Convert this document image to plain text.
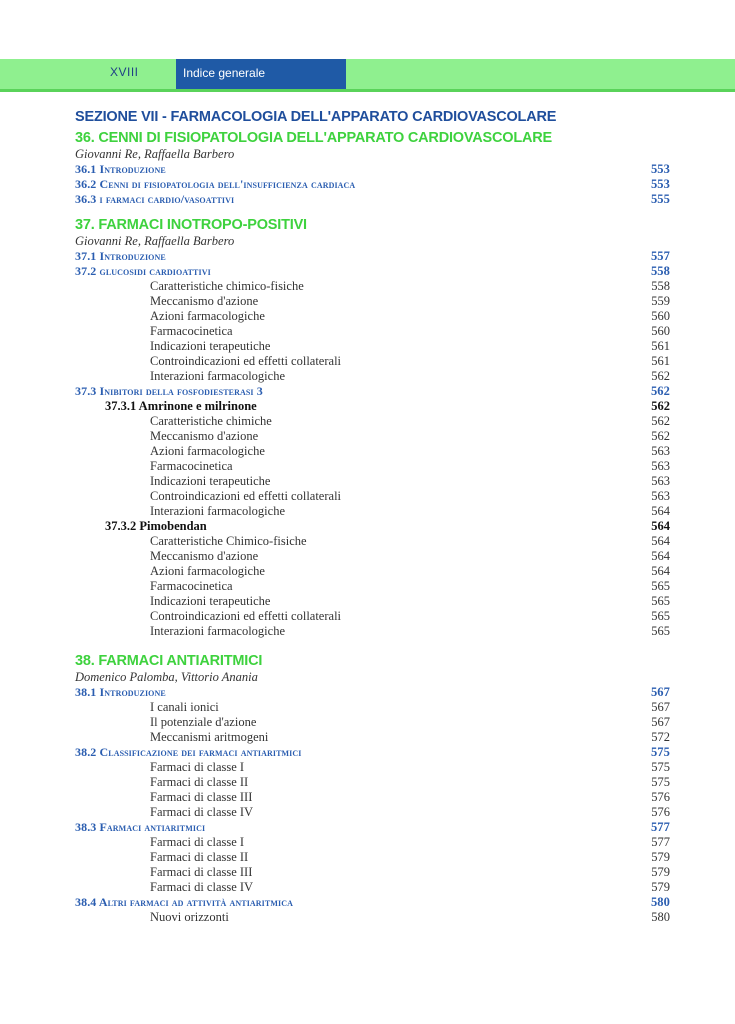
XVIII	Indice generale
SEZIONE VII - FARMACOLOGIA DELL'APPARATO CARDIOVASCOLARE
36. CENNI DI FISIOPATOLOGIA DELL'APPARATO CARDIOVASCOLARE
Giovanni Re, Raffaella Barbero
36.1 Introduzione	553
36.2 Cenni di fisiopatologia dell'insufficienza cardiaca	553
36.3 i farmaci cardio/vasoattivi	555
37. FARMACI INOTROPO-POSITIVI
Giovanni Re, Raffaella Barbero
37.1 Introduzione	557
37.2 glucosidi cardioattivi	558
Caratteristiche chimico-fisiche	558
Meccanismo d'azione	559
Azioni farmacologiche	560
Farmacocinetica	560
Indicazioni terapeutiche	561
Controindicazioni ed effetti collaterali	561
Interazioni farmacologiche	562
37.3 Inibitori della fosfodiesterasi 3	562
37.3.1 Amrinone e milrinone	562
Caratteristiche chimiche	562
Meccanismo d'azione	562
Azioni farmacologiche	563
Farmacocinetica	563
Indicazioni terapeutiche	563
Controindicazioni ed effetti collaterali	563
Interazioni farmacologiche	564
37.3.2 Pimobendan	564
Caratteristiche Chimico-fisiche	564
Meccanismo d'azione	564
Azioni farmacologiche	564
Farmacocinetica	565
Indicazioni terapeutiche	565
Controindicazioni ed effetti collaterali	565
Interazioni farmacologiche	565
38. FARMACI ANTIARITMICI
Domenico Palomba, Vittorio Anania
38.1 Introduzione	567
I canali ionici	567
Il potenziale d'azione	567
Meccanismi aritmogeni	572
38.2 Classificazione dei farmaci antiaritmici	575
Farmaci di classe I	575
Farmaci di classe II	575
Farmaci di classe III	576
Farmaci di classe IV	576
38.3 Farmaci antiaritmici	577
Farmaci di classe I	577
Farmaci di classe II	579
Farmaci di classe III	579
Farmaci di classe IV	579
38.4 Altri farmaci ad attività antiaritmica	580
Nuovi orizzonti	580
